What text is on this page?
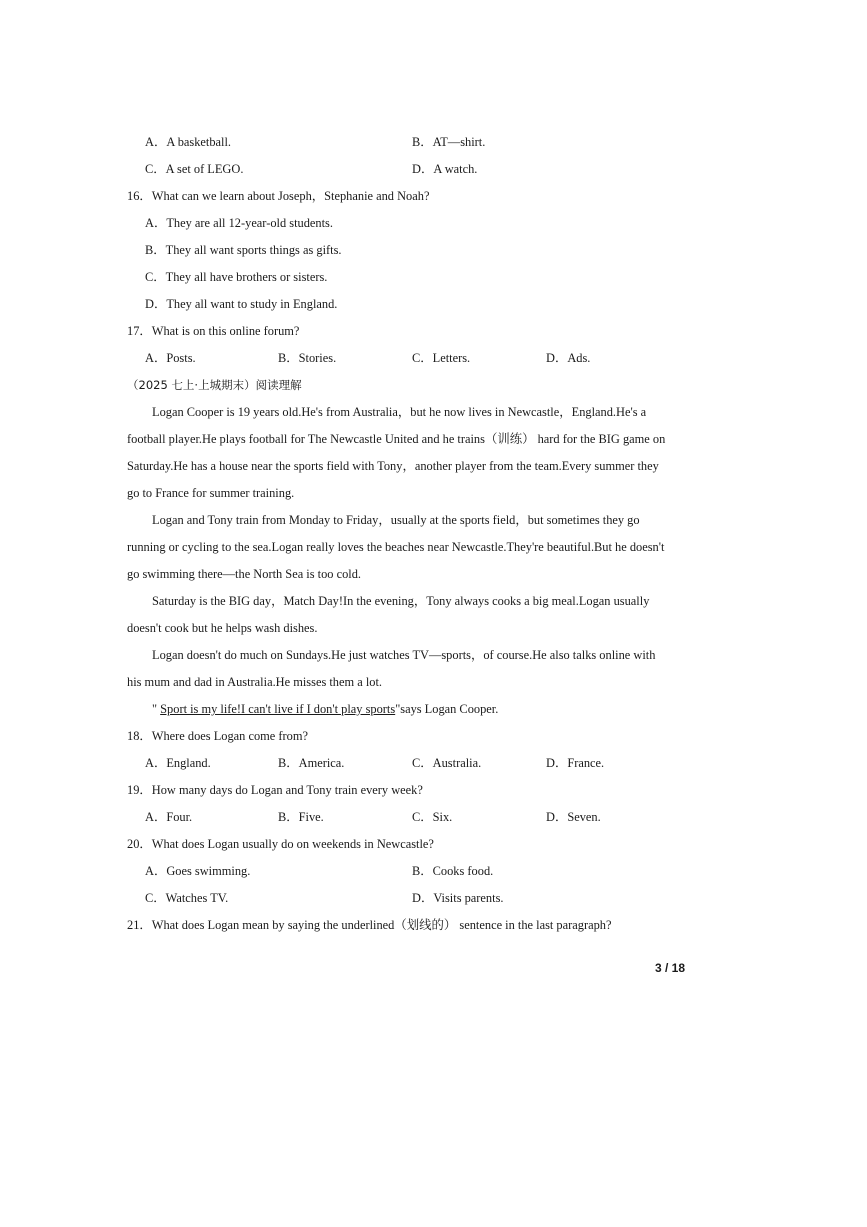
A．A basketball.	B．AT—shirt.
C．A set of LEGO.	D．A watch.
16．What can we learn about Joseph，Stephanie and Noah?
A．They are all 12-year-old students.
B．They all want sports things as gifts.
C．They all have brothers or sisters.
D．They all want to study in England.
17．What is on this online forum?
A．Posts.	B．Stories.	C．Letters.	D．Ads.
（2025 七上·上城期末）阅读理解
Logan Cooper is 19 years old.He's from Australia，but he now lives in Newcastle，England.He's a
football player.He plays football for The Newcastle United and he trains（训练） hard for the BIG game on
Saturday.He has a house near the sports field with Tony，another player from the team.Every summer they
go to France for summer training.
Logan and Tony train from Monday to Friday，usually at the sports field，but sometimes they go
running or cycling to the sea.Logan really loves the beaches near Newcastle.They're beautiful.But he doesn't
go swimming there—the North Sea is too cold.
Saturday is the BIG day，Match Day!In the evening，Tony always cooks a big meal.Logan usually
doesn't cook but he helps wash dishes.
Logan doesn't do much on Sundays.He just watches TV—sports，of course.He also talks online with
his mum and dad in Australia.He misses them a lot.
" Sport is my life!I can't live if I don't play sports"says Logan Cooper.
18．Where does Logan come from?
A．England.	B．America.	C．Australia.	D．France.
19．How many days do Logan and Tony train every week?
A．Four.	B．Five.	C．Six.	D．Seven.
20．What does Logan usually do on weekends in Newcastle?
A．Goes swimming.	B．Cooks food.
C．Watches TV.	D．Visits parents.
21．What does Logan mean by saying the underlined（划线的） sentence in the last paragraph?
3 / 18
